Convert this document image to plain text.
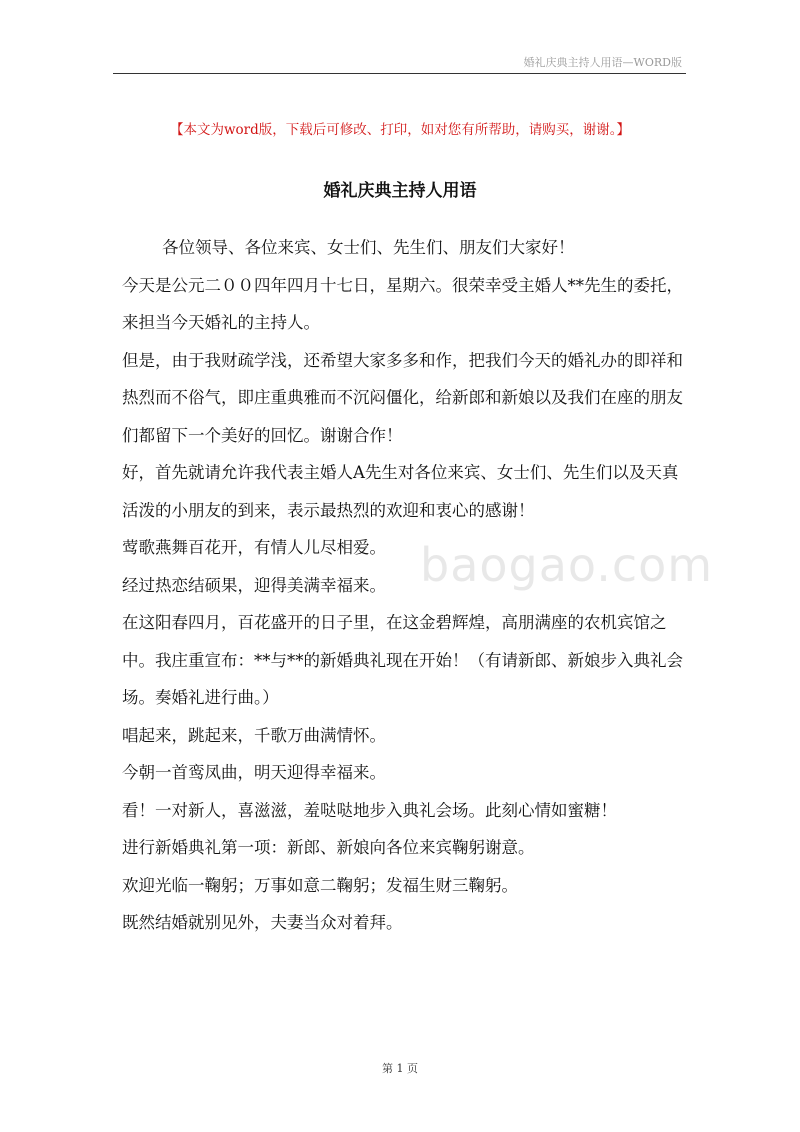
婚礼庆典主持人用语—WORD版
【本文为word版，下载后可修改、打印，如对您有所帮助，请购买，谢谢。】
婚礼庆典主持人用语
baogao.com

各位领导、各位来宾、女士们、先生们、朋友们大家好！

今天是公元二００四年四月十七日，星期六。很荣幸受主婚人**先生的委托，来担当今天婚礼的主持人。

但是，由于我财疏学浅，还希望大家多多和作，把我们今天的婚礼办的即祥和热烈而不俗气，即庄重典雅而不沉闷僵化，给新郎和新娘以及我们在座的朋友们都留下一个美好的回忆。谢谢合作！

好，首先就请允许我代表主婚人A先生对各位来宾、女士们、先生们以及天真活泼的小朋友的到来，表示最热烈的欢迎和衷心的感谢！

莺歌燕舞百花开，有情人儿尽相爱。

经过热恋结硕果，迎得美满幸福来。

在这阳春四月，百花盛开的日子里，在这金碧辉煌，高朋满座的农机宾馆之中。我庄重宣布：**与**的新婚典礼现在开始！（有请新郎、新娘步入典礼会场。奏婚礼进行曲。）

唱起来，跳起来，千歌万曲满情怀。

今朝一首鸾凤曲，明天迎得幸福来。

看！一对新人，喜滋滋，羞哒哒地步入典礼会场。此刻心情如蜜糖！

进行新婚典礼第一项：新郎、新娘向各位来宾鞠躬谢意。

欢迎光临一鞠躬；万事如意二鞠躬；发福生财三鞠躬。

既然结婚就别见外，夫妻当众对着拜。

第 1 页
